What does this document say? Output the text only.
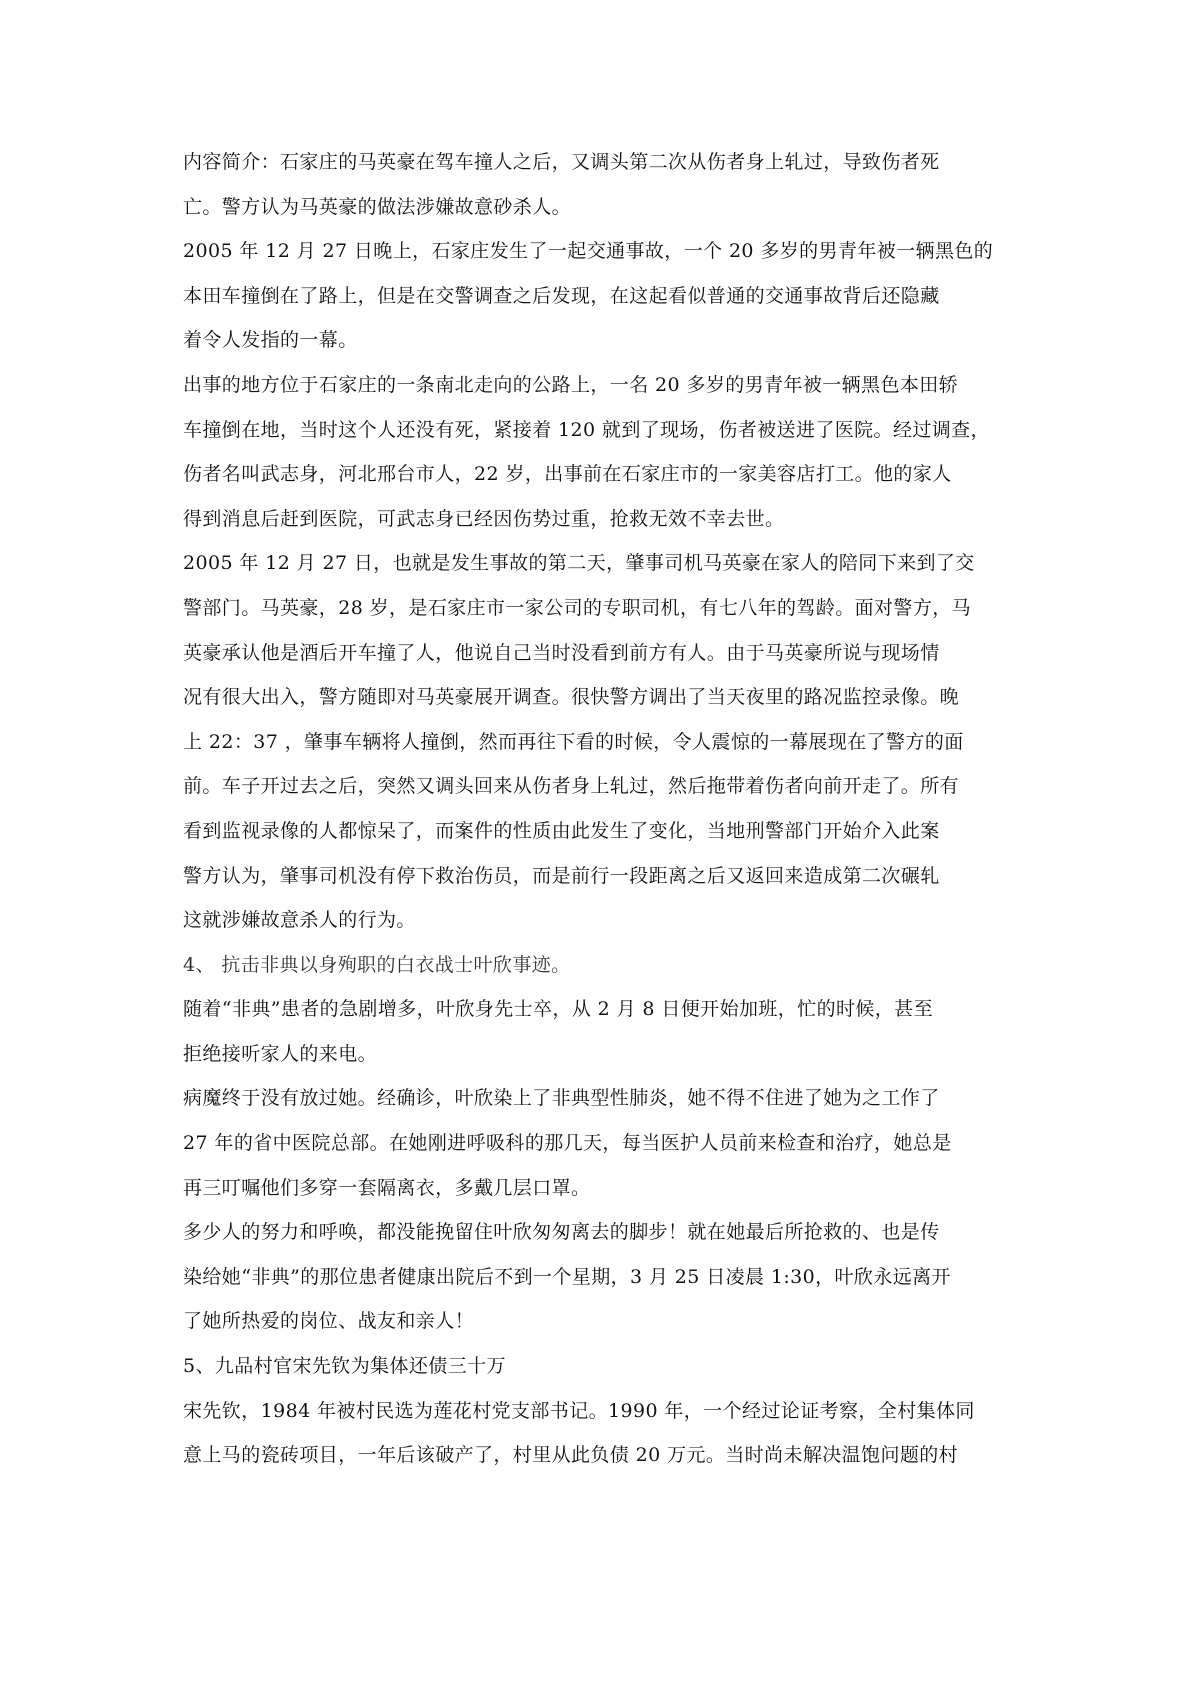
内容简介：石家庄的马英豪在驾车撞人之后，又调头第二次从伤者身上轧过，导致伤者死
亡。警方认为马英豪的做法涉嫌故意砂杀人。
2005 年 12 月 27 日晚上，石家庄发生了一起交通事故，一个 20 多岁的男青年被一辆黑色的
本田车撞倒在了路上，但是在交警调查之后发现，在这起看似普通的交通事故背后还隐藏
着令人发指的一幕。
出事的地方位于石家庄的一条南北走向的公路上，一名 20 多岁的男青年被一辆黑色本田轿
车撞倒在地，当时这个人还没有死，紧接着 120 就到了现场，伤者被送进了医院。经过调查，
伤者名叫武志身，河北邢台市人，22 岁，出事前在石家庄市的一家美容店打工。他的家人
得到消息后赶到医院，可武志身已经因伤势过重，抢救无效不幸去世。
2005 年 12 月 27 日，也就是发生事故的第二天，肇事司机马英豪在家人的陪同下来到了交
警部门。马英豪，28 岁，是石家庄市一家公司的专职司机，有七八年的驾龄。面对警方，马
英豪承认他是酒后开车撞了人，他说自己当时没看到前方有人。由于马英豪所说与现场情
况有很大出入，警方随即对马英豪展开调查。很快警方调出了当天夜里的路况监控录像。晚
上 22：37 ，肇事车辆将人撞倒，然而再往下看的时候，令人震惊的一幕展现在了警方的面
前。车子开过去之后，突然又调头回来从伤者身上轧过，然后拖带着伤者向前开走了。所有
看到监视录像的人都惊呆了，而案件的性质由此发生了变化，当地刑警部门开始介入此案
警方认为，肇事司机没有停下救治伤员，而是前行一段距离之后又返回来造成第二次碾轧
这就涉嫌故意杀人的行为。
4、 抗击非典以身殉职的白衣战士叶欣事迹。
随着“非典”患者的急剧增多，叶欣身先士卒，从 2 月 8 日便开始加班，忙的时候，甚至
拒绝接听家人的来电。
病魔终于没有放过她。经确诊，叶欣染上了非典型性肺炎，她不得不住进了她为之工作了
27 年的省中医院总部。在她刚进呼吸科的那几天，每当医护人员前来检查和治疗，她总是
再三叮嘱他们多穿一套隔离衣，多戴几层口罩。
多少人的努力和呼唤，都没能挽留住叶欣匆匆离去的脚步！就在她最后所抢救的、也是传
染给她“非典”的那位患者健康出院后不到一个星期，3 月 25 日凌晨 1:30，叶欣永远离开
了她所热爱的岗位、战友和亲人！
5、九品村官宋先钦为集体还债三十万
宋先钦，1984 年被村民选为莲花村党支部书记。1990 年，一个经过论证考察，全村集体同
意上马的瓷砖项目，一年后该破产了，村里从此负债 20 万元。当时尚未解决温饱问题的村
